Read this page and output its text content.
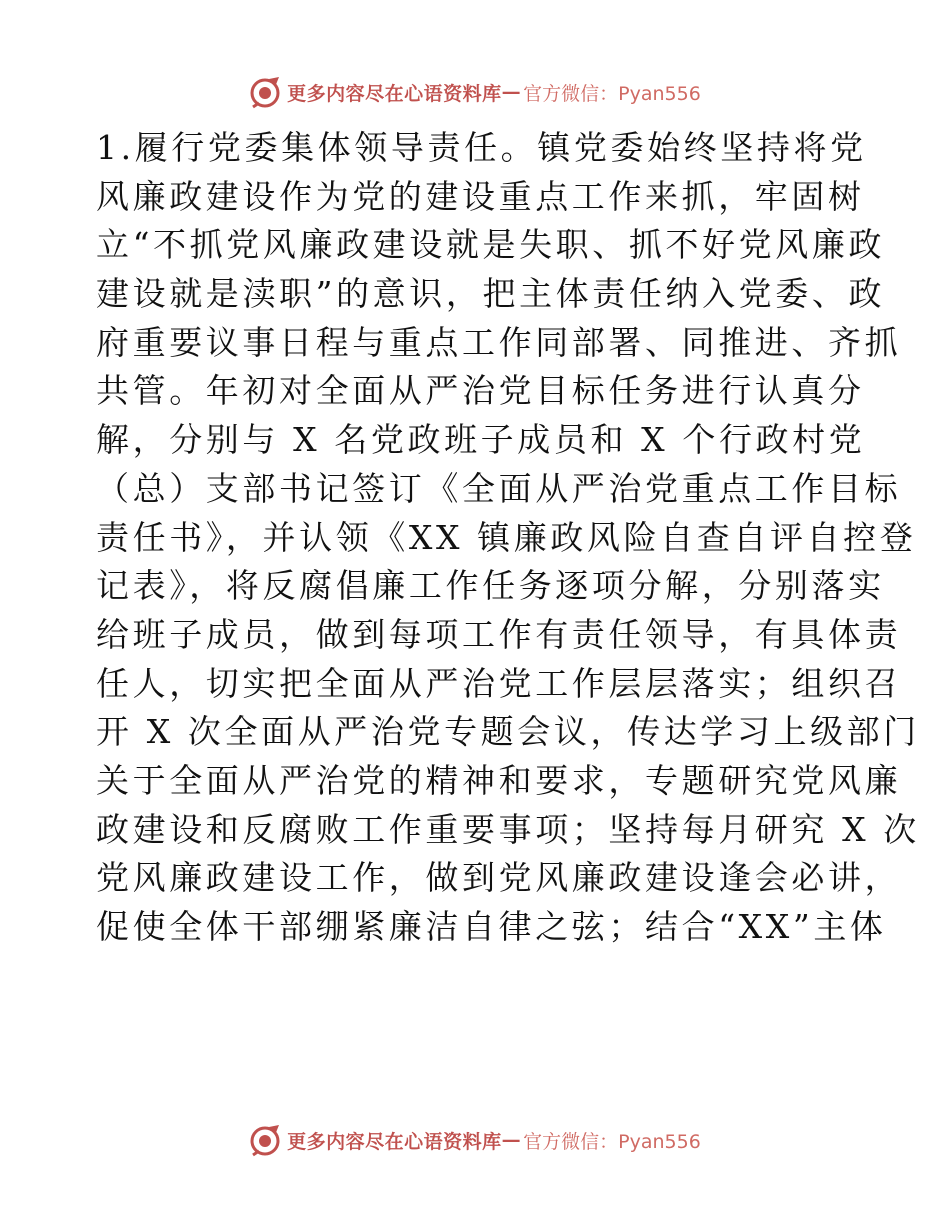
更多内容尽在心语资料库 — 官方微信：Pyan556
1.履行党委集体领导责任。镇党委始终坚持将党
风廉政建设作为党的建设重点工作来抓，牢固树
立“不抓党风廉政建设就是失职、抓不好党风廉政
建设就是渎职”的意识，把主体责任纳入党委、政
府重要议事日程与重点工作同部署、同推进、齐抓
共管。年初对全面从严治党目标任务进行认真分
解，分别与 X 名党政班子成员和 X 个行政村党
（总）支部书记签订《全面从严治党重点工作目标
责任书》，并认领《XX 镇廉政风险自查自评自控登
记表》，将反腐倡廉工作任务逐项分解，分别落实
给班子成员，做到每项工作有责任领导，有具体责
任人，切实把全面从严治党工作层层落实；组织召
开 X 次全面从严治党专题会议，传达学习上级部门
关于全面从严治党的精神和要求，专题研究党风廉
政建设和反腐败工作重要事项；坚持每月研究 X 次
党风廉政建设工作，做到党风廉政建设逢会必讲，
促使全体干部绷紧廉洁自律之弦；结合“XX”主体
更多内容尽在心语资料库 — 官方微信：Pyan556
